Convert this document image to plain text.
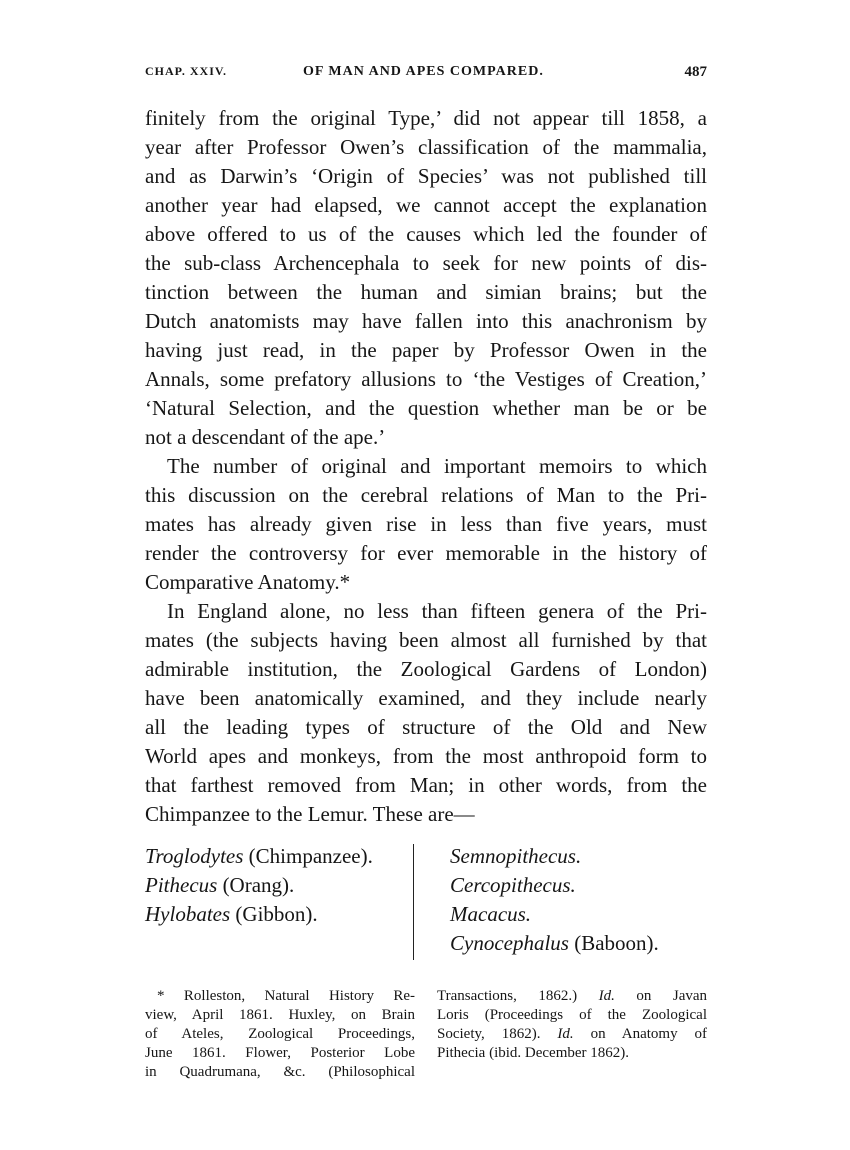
CHAP. XXIV.	OF MAN AND APES COMPARED.	487
finitely from the original Type,’ did not appear till 1858, a
year after Professor Owen’s classification of the mammalia,
and as Darwin’s ‘Origin of Species’ was not published till
another year had elapsed, we cannot accept the explanation
above offered to us of the causes which led the founder of
the sub-class Archencephala to seek for new points of dis-
tinction between the human and simian brains; but the
Dutch anatomists may have fallen into this anachronism by
having just read, in the paper by Professor Owen in the
Annals, some prefatory allusions to ‘the Vestiges of Creation,’
‘Natural Selection, and the question whether man be or be
not a descendant of the ape.’
The number of original and important memoirs to which
this discussion on the cerebral relations of Man to the Pri-
mates has already given rise in less than five years, must
render the controversy for ever memorable in the history of
Comparative Anatomy.*
In England alone, no less than fifteen genera of the Pri-
mates (the subjects having been almost all furnished by that
admirable institution, the Zoological Gardens of London)
have been anatomically examined, and they include nearly
all the leading types of structure of the Old and New
World apes and monkeys, from the most anthropoid form to
that farthest removed from Man; in other words, from the
Chimpanzee to the Lemur. These are—
Troglodytes (Chimpanzee).
Pithecus (Orang).
Hylobates (Gibbon).
Semnopithecus.
Cercopithecus.
Macacus.
Cynocephalus (Baboon).
* Rolleston, Natural History Re-
view, April 1861. Huxley, on Brain
of Ateles, Zoological Proceedings,
June 1861. Flower, Posterior Lobe
in Quadrumana, &c. (Philosophical
Transactions, 1862.) Id. on Javan
Loris (Proceedings of the Zoological
Society, 1862). Id. on Anatomy of
Pithecia (ibid. December 1862).
